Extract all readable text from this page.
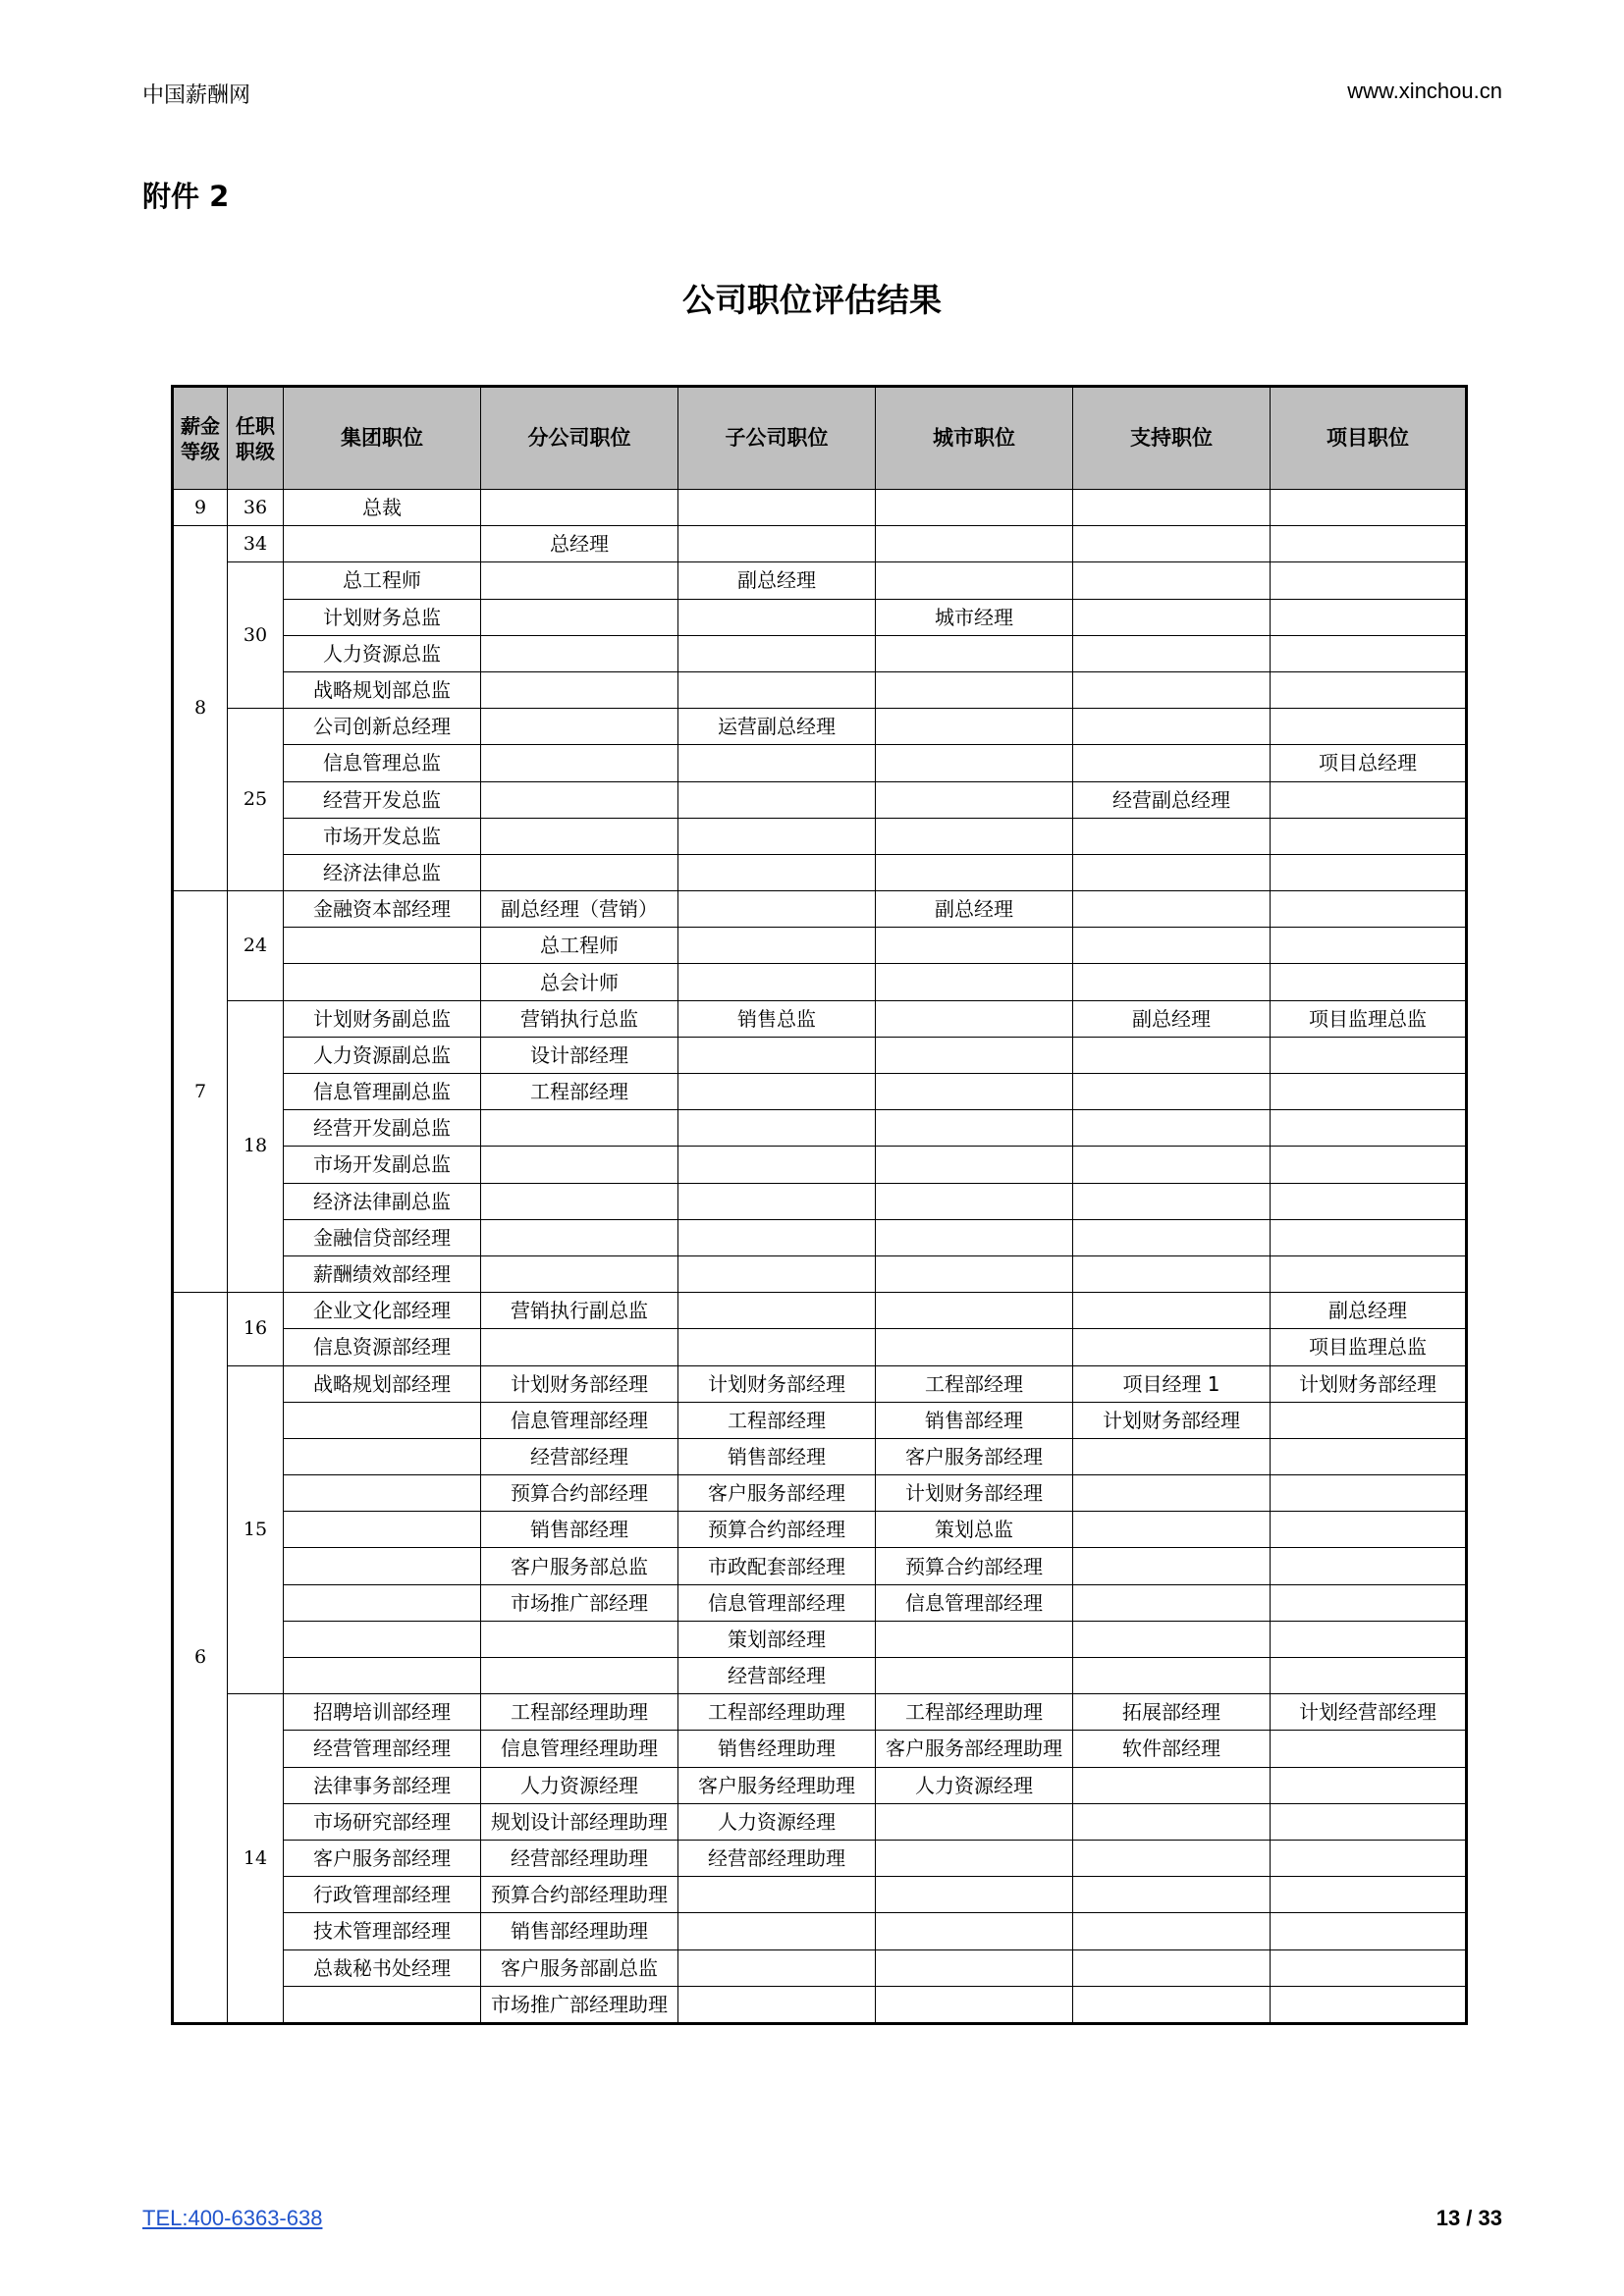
中国薪酬网	www.xinchou.cn
附件 2
公司职位评估结果
薪金等级	任职职级	集团职位	分公司职位	子公司职位	城市职位	支持职位	项目职位
9	36	总裁					
8	34		总经理				
	30	总工程师		副总经理			
		计划财务总监			城市经理		
		人力资源总监					
		战略规划部总监					
	25	公司创新总经理		运营副总经理			
		信息管理总监					项目总经理
		经营开发总监				经营副总经理	
		市场开发总监					
		经济法律总监					
7	24	金融资本部经理	副总经理（营销）		副总经理		
			总工程师				
			总会计师				
	18	计划财务副总监	营销执行总监	销售总监		副总经理	项目监理总监
		人力资源副总监	设计部经理				
		信息管理副总监	工程部经理				
		经营开发副总监					
		市场开发副总监					
		经济法律副总监					
		金融信贷部经理					
		薪酬绩效部经理					
6	16	企业文化部经理	营销执行副总监				副总经理
		信息资源部经理					项目监理总监
	15	战略规划部经理	计划财务部经理	计划财务部经理	工程部经理	项目经理 1	计划财务部经理
			信息管理部经理	工程部经理	销售部经理	计划财务部经理	
			经营部经理	销售部经理	客户服务部经理		
			预算合约部经理	客户服务部经理	计划财务部经理		
			销售部经理	预算合约部经理	策划总监		
			客户服务部总监	市政配套部经理	预算合约部经理		
			市场推广部经理	信息管理部经理	信息管理部经理		
				策划部经理			
				经营部经理			
	14	招聘培训部经理	工程部经理助理	工程部经理助理	工程部经理助理	拓展部经理	计划经营部经理
		经营管理部经理	信息管理经理助理	销售经理助理	客户服务部经理助理	软件部经理	
		法律事务部经理	人力资源经理	客户服务经理助理	人力资源经理		
		市场研究部经理	规划设计部经理助理	人力资源经理			
		客户服务部经理	经营部经理助理	经营部经理助理			
		行政管理部经理	预算合约部经理助理				
		技术管理部经理	销售部经理助理				
		总裁秘书处经理	客户服务部副总监				
			市场推广部经理助理				
TEL:400-6363-638	13 / 33
